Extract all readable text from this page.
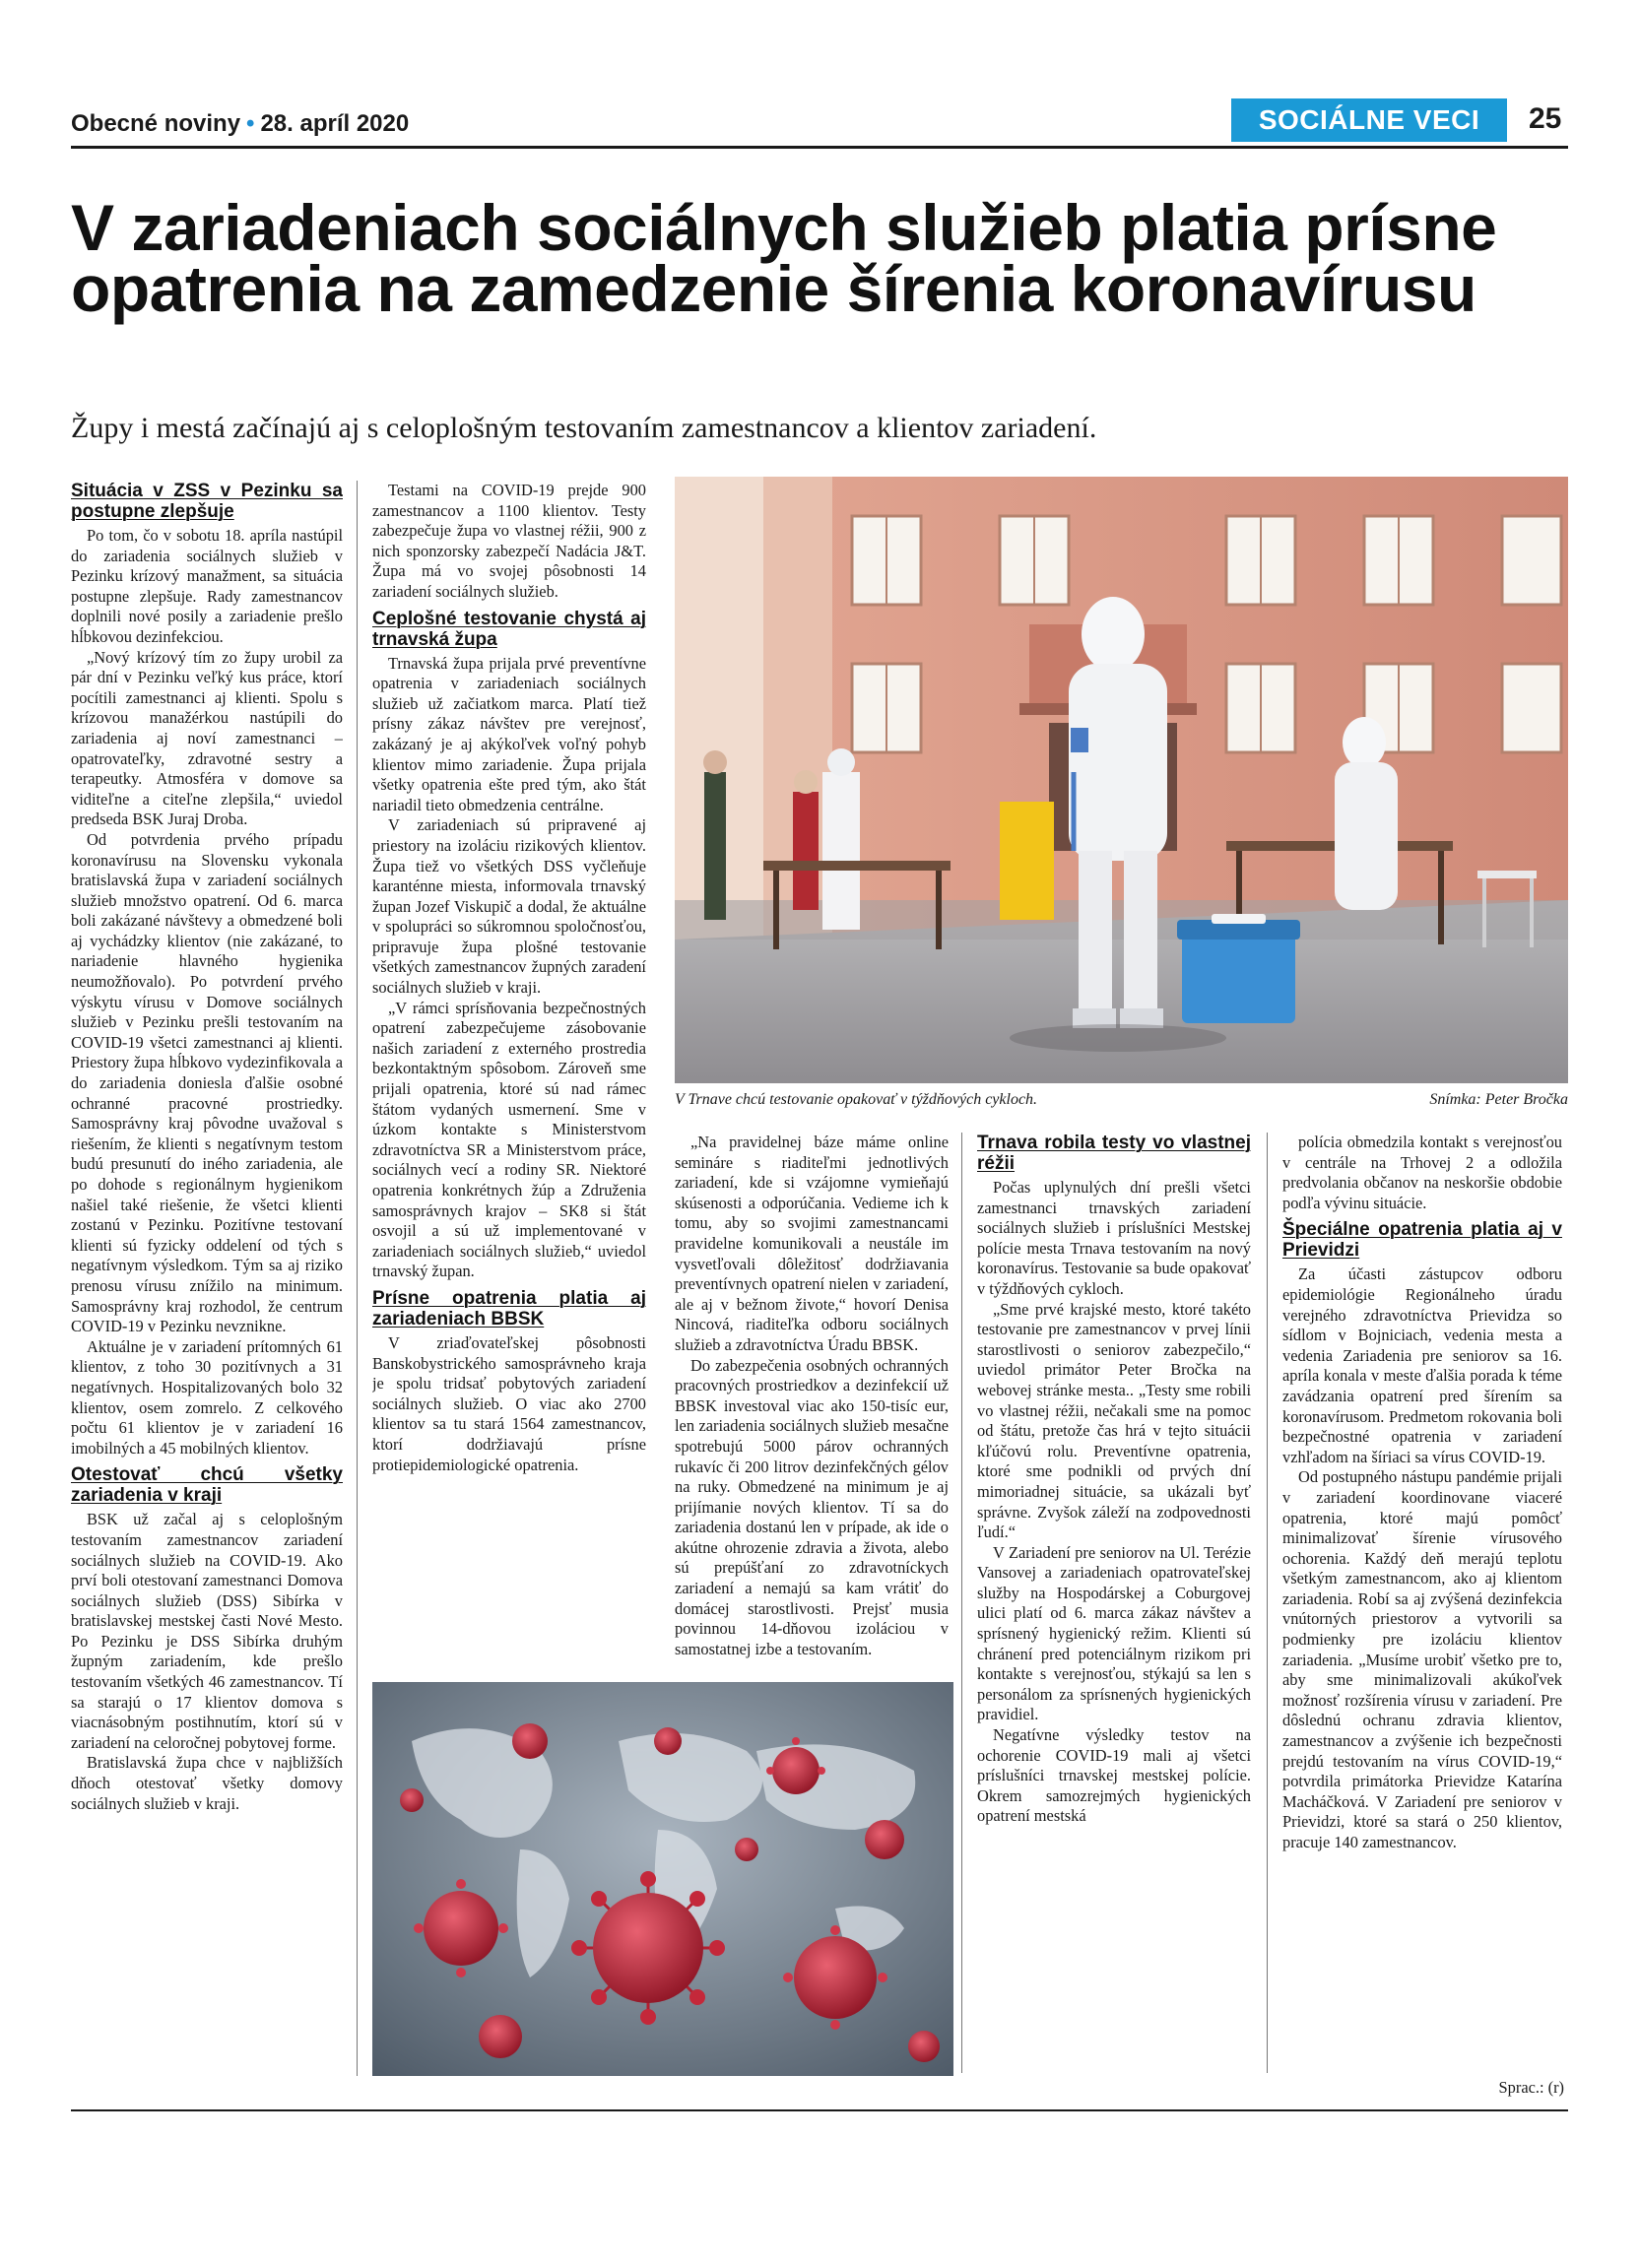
Obecné noviny • 28. apríl 2020	SOCIÁLNE VECI	25
V zariadeniach sociálnych služieb platia prísne opatrenia na zamedzenie šírenia koronavírusu

Župy i mestá začínajú aj s celoplošným testovaním zamestnancov a klientov zariadení.

Situácia v ZSS v Pezinku sa postupne zlepšuje

Po tom, čo v sobotu 18. apríla nastúpil do zariadenia sociálnych služieb v Pezinku krízový manažment, sa situácia postupne zlepšuje. Rady zamestnancov doplnili nové posily a zariadenie prešlo hĺbkovou dezinfekciou.

„Nový krízový tím zo župy urobil za pár dní v Pezinku veľký kus práce, ktorí pocítili zamestnanci aj klienti. Spolu s krízovou manažérkou nastúpili do zariadenia aj noví zamestnanci – opatrovateľky, zdravotné sestry a terapeutky. Atmosféra v domove sa viditeľne a citeľne zlepšila,“ uviedol predseda BSK Juraj Droba.

Od potvrdenia prvého prípadu koronavírusu na Slovensku vykonala bratislavská župa v zariadení sociálnych služieb množstvo opatrení. Od 6. marca boli zakázané návštevy a obmedzené boli aj vychádzky klientov (nie zakázané, to nariadenie hlavného hygienika neumožňovalo). Po potvrdení prvého výskytu vírusu v Domove sociálnych služieb v Pezinku prešli testovaním na COVID-19 všetci zamestnanci aj klienti. Priestory župa hĺbkovo vydezinfikovala a do zariadenia doniesla ďalšie osobné ochranné pracovné prostriedky. Samosprávny kraj pôvodne uvažoval s riešením, že klienti s negatívnym testom budú presunutí do iného zariadenia, ale po dohode s regionálnym hygienikom našiel také riešenie, že všetci klienti zostanú v Pezinku. Pozitívne testovaní klienti sú fyzicky oddelení od tých s negatívnym výsledkom. Tým sa aj riziko prenosu vírusu znížilo na minimum. Samosprávny kraj rozhodol, že centrum COVID-19 v Pezinku nevznikne.

Aktuálne je v zariadení prítomných 61 klientov, z toho 30 pozitívnych a 31 negatívnych. Hospitalizovaných bolo 32 klientov, osem zomrelo. Z celkového počtu 61 klientov je v zariadení 16 imobilných a 45 mobilných klientov.

Otestovať chcú všetky zariadenia v kraji

BSK už začal aj s celoplošným testovaním zamestnancov zariadení sociálnych služieb na COVID-19. Ako prví boli otestovaní zamestnanci Domova sociálnych služieb (DSS) Sibírka v bratislavskej mestskej časti Nové Mesto. Po Pezinku je DSS Sibírka druhým župným zariadením, kde prešlo testovaním všetkých 46 zamestnancov. Tí sa starajú o 17 klientov domova s viacnásobným postihnutím, ktorí sú v zariadení na celoročnej pobytovej forme.

Bratislavská župa chce v najbližších dňoch otestovať všetky domovy sociálnych služieb v kraji.

Testami na COVID-19 prejde 900 zamestnancov a 1100 klientov. Testy zabezpečuje župa vo vlastnej réžii, 900 z nich sponzorsky zabezpečí Nadácia J&T. Župa má vo svojej pôsobnosti 14 zariadení sociálnych služieb.

Ceplošné testovanie chystá aj trnavská župa

Trnavská župa prijala prvé preventívne opatrenia v zariadeniach sociálnych služieb už začiatkom marca. Platí tiež prísny zákaz návštev pre verejnosť, zakázaný je aj akýkoľvek voľný pohyb klientov mimo zariadenie. Župa prijala všetky opatrenia ešte pred tým, ako štát nariadil tieto obmedzenia centrálne.

V zariadeniach sú pripravené aj priestory na izoláciu rizikových klientov. Župa tiež vo všetkých DSS vyčleňuje karanténne miesta, informovala trnavský župan Jozef Viskupič a dodal, že aktuálne v spolupráci so súkromnou spoločnosťou, pripravuje župa plošné testovanie všetkých zamestnancov župných zaradení sociálnych služieb v kraji.

„V rámci sprísňovania bezpečnostných opatrení zabezpečujeme zásobovanie našich zariadení z externého prostredia bezkontaktným spôsobom. Zároveň sme prijali opatrenia, ktoré sú nad rámec štátom vydaných usmernení. Sme v úzkom kontakte s Ministerstvom zdravotníctva SR a Ministerstvom práce, sociálnych vecí a rodiny SR. Niektoré opatrenia konkrétnych žúp a Združenia samosprávnych krajov – SK8 si štát osvojil a sú už implementované v zariadeniach sociálnych služieb,“ uviedol trnavský župan.

Prísne opatrenia platia aj zariadeniach BBSK

V zriaďovateľskej pôsobnosti Banskobystrického samosprávneho kraja je spolu tridsať pobytových zariadení sociálnych služieb. O viac ako 2700 klientov sa tu stará 1564 zamestnancov, ktorí dodržiavajú prísne protiepidemiologické opatrenia.

V Trnave chcú testovanie opakovať v týždňových cykloch.	Snímka: Peter Bročka

„Na pravidelnej báze máme online semináre s riaditeľmi jednotlivých zariadení, kde si vzájomne vymieňajú skúsenosti a odporúčania. Vedieme ich k tomu, aby so svojimi zamestnancami pravidelne komunikovali a neustále im vysvetľovali dôležitosť dodržiavania preventívnych opatrení nielen v zariadení, ale aj v bežnom živote,“ hovorí Denisa Nincová, riaditeľka odboru sociálnych služieb a zdravotníctva Úradu BBSK.

Do zabezpečenia osobných ochranných pracovných prostriedkov a dezinfekcií už BBSK investoval viac ako 150-tisíc eur, len zariadenia sociálnych služieb mesačne spotrebujú 5000 párov ochranných rukavíc či 200 litrov dezinfekčných gélov na ruky. Obmedzené na minimum je aj prijímanie nových klientov. Tí sa do zariadenia dostanú len v prípade, ak ide o akútne ohrozenie zdravia a života, alebo sú prepúšťaní zo zdravotníckych zariadení a nemajú sa kam vrátiť do domácej starostlivosti. Prejsť musia povinnou 14-dňovou izoláciou v samostatnej izbe a testovaním.

Trnava robila testy vo vlastnej réžii

Počas uplynulých dní prešli všetci zamestnanci trnavských zariadení sociálnych služieb i príslušníci Mestskej polície mesta Trnava testovaním na nový koronavírus. Testovanie sa bude opakovať v týždňových cykloch.

„Sme prvé krajské mesto, ktoré takéto testovanie pre zamestnancov v prvej línii starostlivosti o seniorov zabezpečilo,“ uviedol primátor Peter Bročka na webovej stránke mesta.. „Testy sme robili vo vlastnej réžii, nečakali sme na pomoc od štátu, pretože čas hrá v tejto situácii kľúčovú rolu. Preventívne opatrenia, ktoré sme podnikli od prvých dní mimoriadnej situácie, sa ukázali byť správne. Zvyšok záleží na zodpovednosti ľudí.“

V Zariadení pre seniorov na Ul. Terézie Vansovej a zariadeniach opatrovateľskej služby na Hospodárskej a Coburgovej ulici platí od 6. marca zákaz návštev a sprísnený hygienický režim. Klienti sú chránení pred potenciálnym rizikom pri kontakte s verejnosťou, stýkajú sa len s personálom za sprísnených hygienických pravidiel.

Negatívne výsledky testov na ochorenie COVID-19 mali aj všetci príslušníci trnavskej mestskej polície. Okrem samozrejmých hygienických opatrení mestská

polícia obmedzila kontakt s verejnosťou v centrále na Trhovej 2 a odložila predvolania občanov na neskoršie obdobie podľa vývinu situácie.

Špeciálne opatrenia platia aj v Prievidzi

Za účasti zástupcov odboru epidemiológie Regionálneho úradu verejného zdravotníctva Prievidza so sídlom v Bojniciach, vedenia mesta a vedenia Zariadenia pre seniorov sa 16. apríla konala v meste ďalšia porada k téme zavádzania opatrení pred šírením sa koronavírusom. Predmetom rokovania boli bezpečnostné opatrenia v zariadení vzhľadom na šíriaci sa vírus COVID-19.

Od postupného nástupu pandémie prijali v zariadení koordinovane viaceré opatrenia, ktoré majú pomôcť minimalizovať šírenie vírusového ochorenia. Každý deň merajú teplotu všetkým zamestnancom, ako aj klientom zariadenia. Robí sa aj zvýšená dezinfekcia vnútorných priestorov a vytvorili sa podmienky pre izoláciu klientov zariadenia. „Musíme urobiť všetko pre to, aby sme minimalizovali akúkoľvek možnosť rozšírenia vírusu v zariadení. Pre dôslednú ochranu zdravia klientov, zamestnancov a zvýšenie ich bezpečnosti prejdú testovaním na vírus COVID-19,“ potvrdila primátorka Prievidze Katarína Macháčková. V Zariadení pre seniorov v Prievidzi, ktoré sa stará o 250 klientov, pracuje 140 zamestnancov.

Sprac.: (r)
